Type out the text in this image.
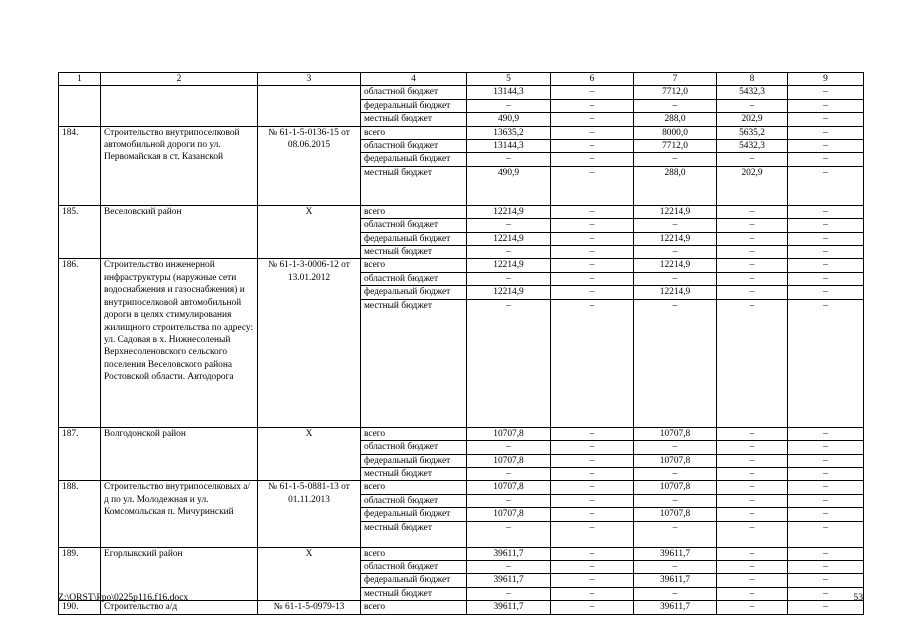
1	2	3	4	5	6	7	8	9
			областной бюджет	13144,3	–	7712,0	5432,3	–
			федеральный бюджет	–	–	–	–	–
			местный бюджет	490,9	–	288,0	202,9	–
184.	Строительство внутрипоселковой автомобильной дороги по ул. Первомайская в ст. Казанской	№ 61-1-5-0136-15 от 08.06.2015	всего	13635,2	–	8000,0	5635,2	–
			областной бюджет	13144,3	–	7712,0	5432,3	–
			федеральный бюджет	–	–	–	–	–
			местный бюджет	490,9	–	288,0	202,9	–
185.	Веселовский район	X	всего	12214,9	–	12214,9	–	–
			областной бюджет	–	–	–	–	–
			федеральный бюджет	12214,9	–	12214,9	–	–
			местный бюджет	–	–	–	–	–
186.	Строительство инженерной инфраструктуры (наружные сети водоснабжения и газоснабжения) и внутрипоселковой автомобильной дороги в целях стимулирования жилищного строительства по адресу: ул. Садовая в х. Нижнесоленый Верхнесоленовского сельского поселения Веселовского района Ростовской области. Автодорога	№ 61-1-3-0006-12 от 13.01.2012	всего	12214,9	–	12214,9	–	–
			областной бюджет	–	–	–	–	–
			федеральный бюджет	12214,9	–	12214,9	–	–
			местный бюджет	–	–	–	–	–
187.	Волгодонской район	X	всего	10707,8	–	10707,8	–	–
			областной бюджет	–	–	–	–	–
			федеральный бюджет	10707,8	–	10707,8	–	–
			местный бюджет	–	–	–	–	–
188.	Строительство внутрипоселковых а/д по ул. Молодежная и ул. Комсомольская п. Мичуринский	№ 61-1-5-0881-13 от 01.11.2013	всего	10707,8	–	10707,8	–	–
			областной бюджет	–	–	–	–	–
			федеральный бюджет	10707,8	–	10707,8	–	–
			местный бюджет	–	–	–	–	–
189.	Егорлыкский район	X	всего	39611,7	–	39611,7	–	–
			областной бюджет	–	–	–	–	–
			федеральный бюджет	39611,7	–	39611,7	–	–
			местный бюджет	–	–	–	–	–
190.	Строительство а/д	№ 61-1-5-0979-13	всего	39611,7	–	39611,7	–	–
Z:\ORST\Ppo\0225p116.f16.docx	53
